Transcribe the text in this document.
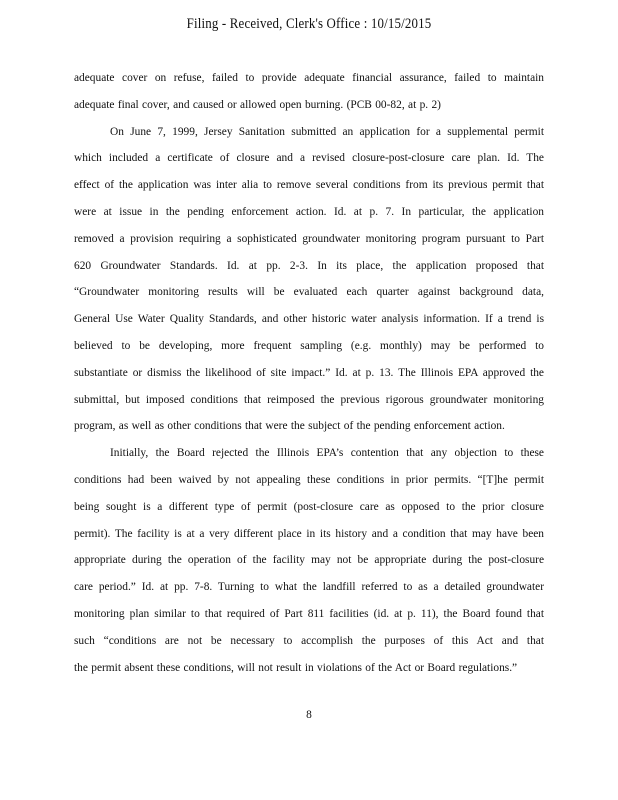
Filing - Received, Clerk's Office : 10/15/2015
adequate cover on refuse, failed to provide adequate financial assurance, failed to maintain
adequate final cover, and caused or allowed open burning. (PCB 00-82, at p. 2)
On June 7, 1999, Jersey Sanitation submitted an application for a supplemental permit
which included a certificate of closure and a revised closure-post-closure care plan. Id. The
effect of the application was inter alia to remove several conditions from its previous permit that
were at issue in the pending enforcement action. Id. at p. 7. In particular, the application
removed a provision requiring a sophisticated groundwater monitoring program pursuant to Part
620 Groundwater Standards. Id. at pp. 2-3. In its place, the application proposed that
“Groundwater monitoring results will be evaluated each quarter against background data,
General Use Water Quality Standards, and other historic water analysis information. If a trend is
believed to be developing, more frequent sampling (e.g. monthly) may be performed to
substantiate or dismiss the likelihood of site impact.” Id. at p. 13. The Illinois EPA approved the
submittal, but imposed conditions that reimposed the previous rigorous groundwater monitoring
program, as well as other conditions that were the subject of the pending enforcement action.
Initially, the Board rejected the Illinois EPA’s contention that any objection to these
conditions had been waived by not appealing these conditions in prior permits. “[T]he permit
being sought is a different type of permit (post-closure care as opposed to the prior closure
permit). The facility is at a very different place in its history and a condition that may have been
appropriate during the operation of the facility may not be appropriate during the post-closure
care period.” Id. at pp. 7-8. Turning to what the landfill referred to as a detailed groundwater
monitoring plan similar to that required of Part 811 facilities (id. at p. 11), the Board found that
such “conditions are not be necessary to accomplish the purposes of this Act and that
the permit absent these conditions, will not result in violations of the Act or Board regulations.”
8
